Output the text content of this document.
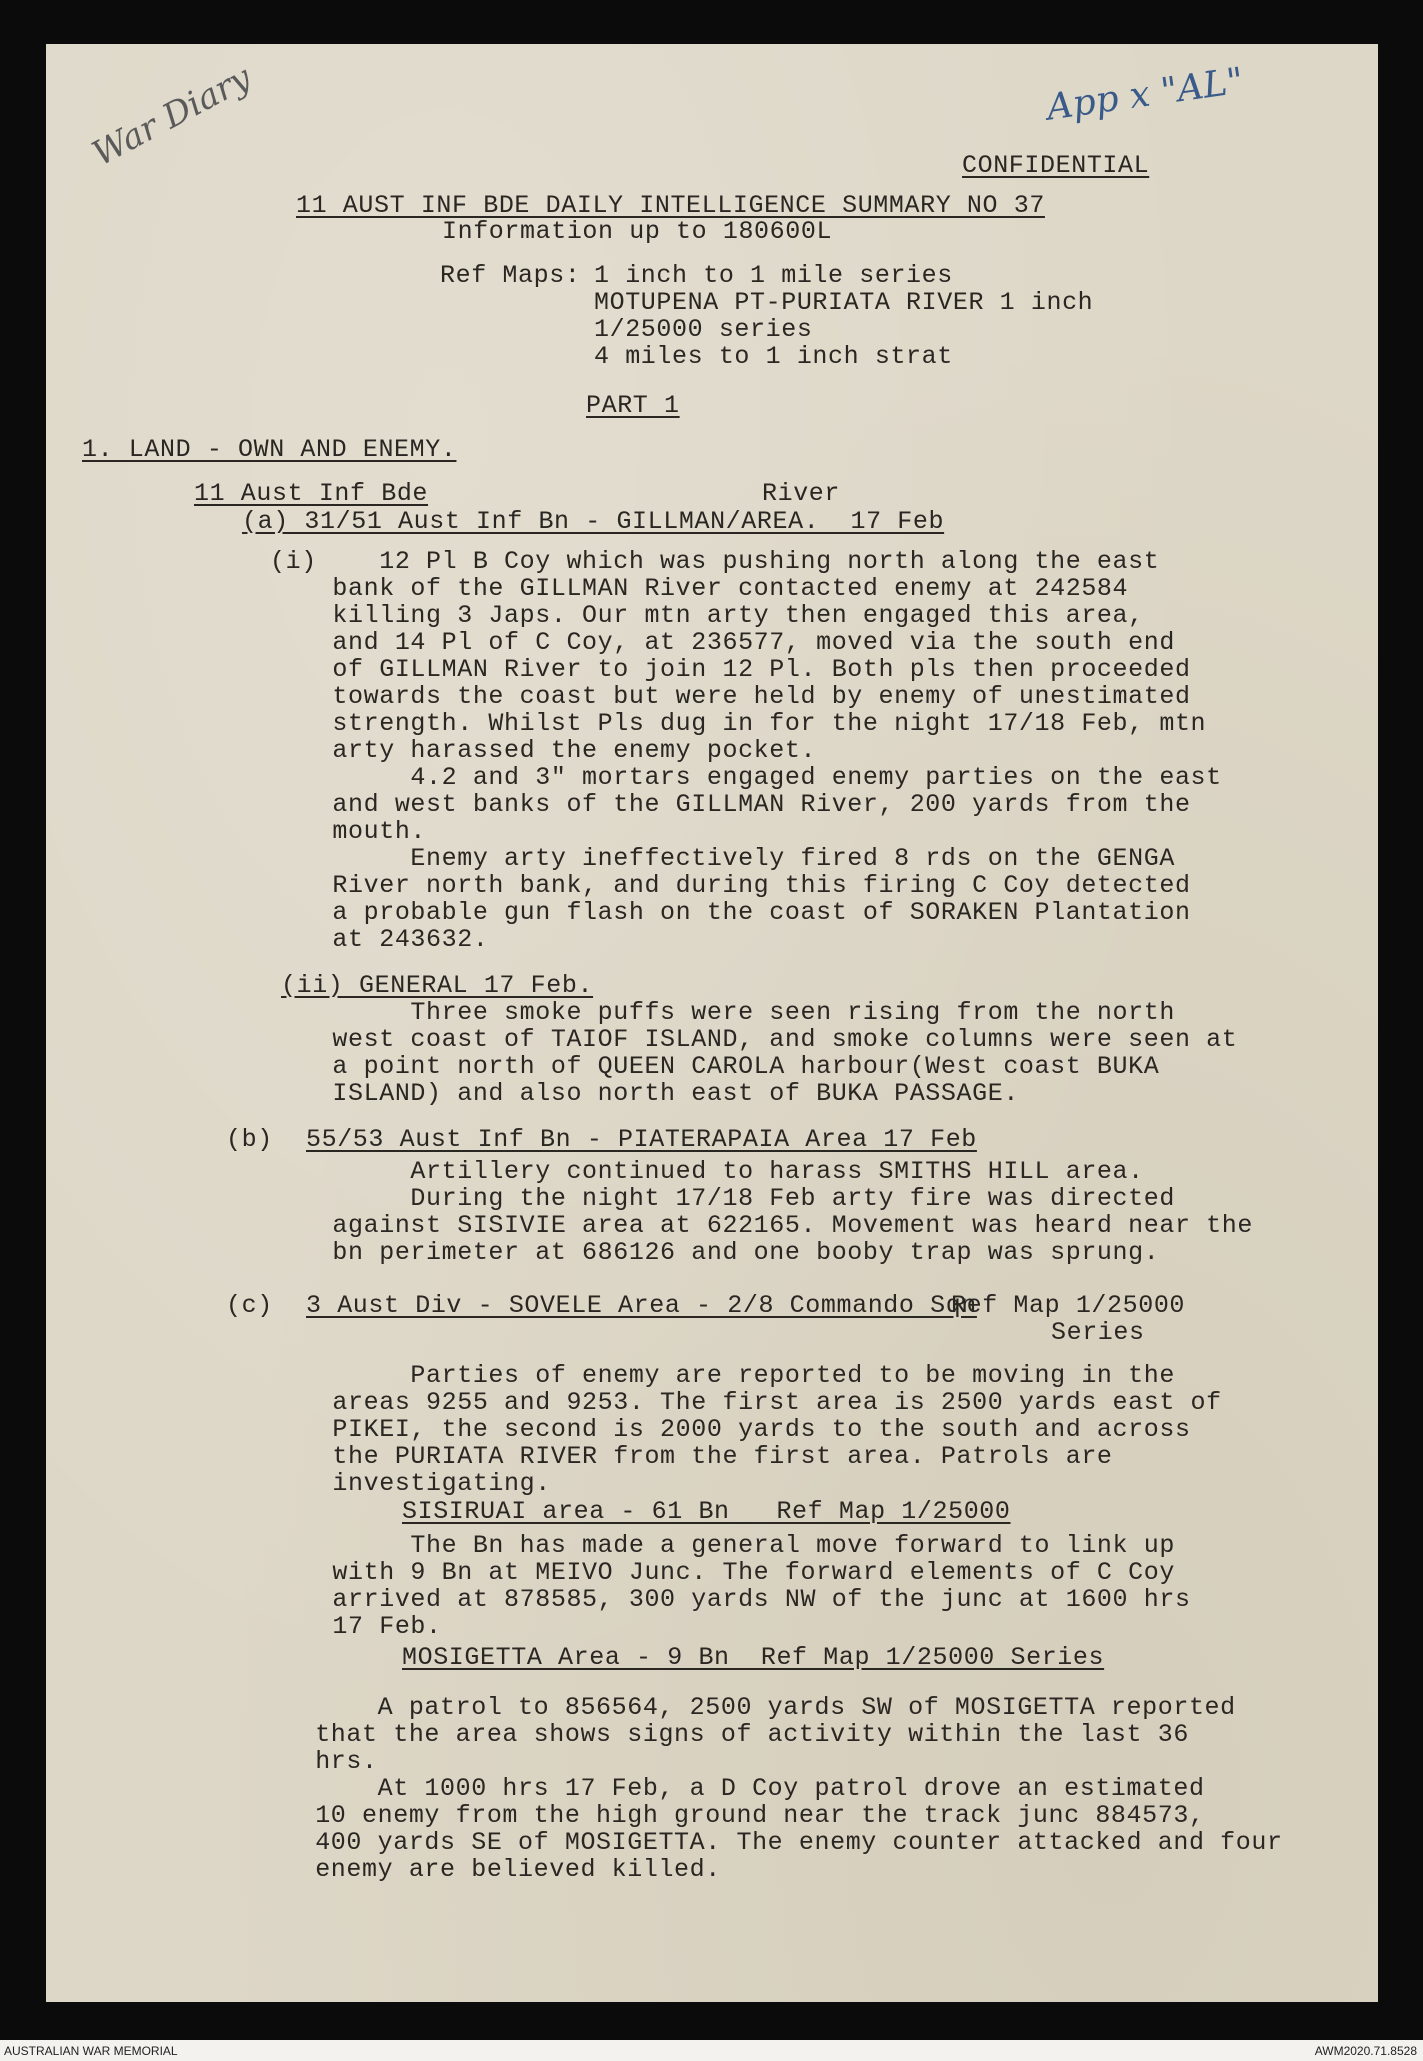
War Diary	App x "AL"
CONFIDENTIAL
11 AUST INF BDE DAILY INTELLIGENCE SUMMARY NO 37
Information up to 180600L
Ref Maps: 1 inch to 1 mile series
MOTUPENA PT-PURIATA RIVER 1 inch
1/25000 series
4 miles to 1 inch strat
PART 1
1. LAND - OWN AND ENEMY.
11 Aust Inf Bde	River
(a) 31/51 Aust Inf Bn - GILLMAN/AREA.  17 Feb
(i)    12 Pl B Coy which was pushing north along the east
bank of the GILLMAN River contacted enemy at 242584
killing 3 Japs. Our mtn arty then engaged this area,
and 14 Pl of C Coy, at 236577, moved via the south end
of GILLMAN River to join 12 Pl. Both pls then proceeded
towards the coast but were held by enemy of unestimated
strength. Whilst Pls dug in for the night 17/18 Feb, mtn
arty harassed the enemy pocket.
4.2 and 3" mortars engaged enemy parties on the east
and west banks of the GILLMAN River, 200 yards from the
mouth.
Enemy arty ineffectively fired 8 rds on the GENGA
River north bank, and during this firing C Coy detected
a probable gun flash on the coast of SORAKEN Plantation
at 243632.
(ii) GENERAL 17 Feb.
Three smoke puffs were seen rising from the north
west coast of TAIOF ISLAND, and smoke columns were seen at
a point north of QUEEN CAROLA harbour(West coast BUKA
ISLAND) and also north east of BUKA PASSAGE.
(b) 55/53 Aust Inf Bn - PIATERAPAIA Area 17 Feb
Artillery continued to harass SMITHS HILL area.
During the night 17/18 Feb arty fire was directed
against SISIVIE area at 622165. Movement was heard near the
bn perimeter at 686126 and one booby trap was sprung.
(c) 3 Aust Div - SOVELE Area - 2/8 Commando Sqn
Ref Map 1/25000
Series
Parties of enemy are reported to be moving in the
areas 9255 and 9253. The first area is 2500 yards east of
PIKEI, the second is 2000 yards to the south and across
the PURIATA RIVER from the first area. Patrols are
investigating.
SISIRUAI area - 61 Bn   Ref Map 1/25000
The Bn has made a general move forward to link up
with 9 Bn at MEIVO Junc. The forward elements of C Coy
arrived at 878585, 300 yards NW of the junc at 1600 hrs
17 Feb.
MOSIGETTA Area - 9 Bn  Ref Map 1/25000 Series
A patrol to 856564, 2500 yards SW of MOSIGETTA reported
that the area shows signs of activity within the last 36
hrs.
At 1000 hrs 17 Feb, a D Coy patrol drove an estimated
10 enemy from the high ground near the track junc 884573,
400 yards SE of MOSIGETTA. The enemy counter attacked and four
enemy are believed killed.
AUSTRALIAN WAR MEMORIAL	AWM2020.71.8528
